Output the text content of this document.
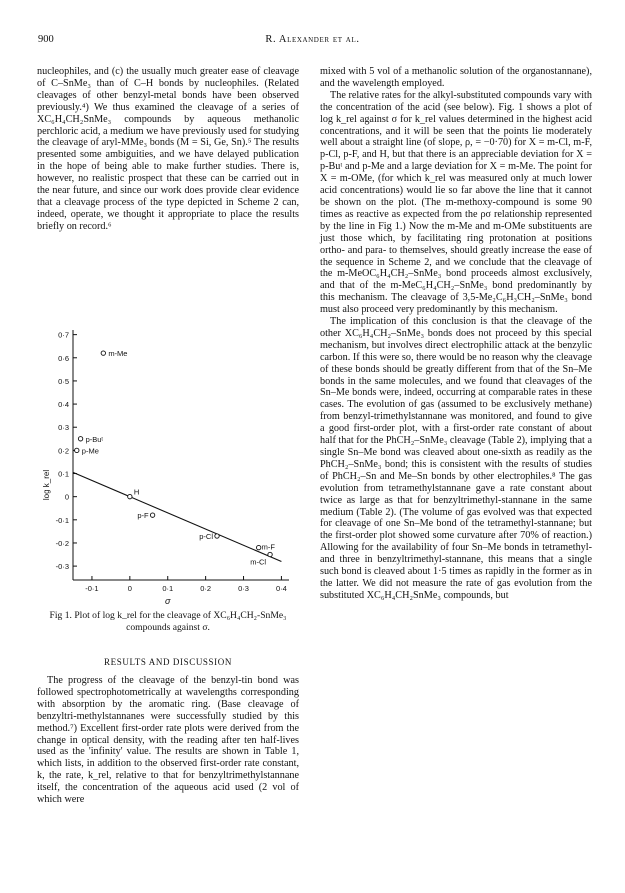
900	R. Alexander et al.

nucleophiles, and (c) the usually much greater ease of cleavage of C–SnMe₃ than of C–H bonds by nucleophiles. (Related cleavages of other benzyl-metal bonds have been observed previously.⁴) We thus examined the cleavage of a series of XC₆H₄CH₂SnMe₃ compounds by aqueous methanolic perchloric acid, a medium we have previously used for studying the cleavage of aryl-MMe₃ bonds (M = Si, Ge, Sn).⁵ The results presented some ambiguities, and we have delayed publication in the hope of being able to make further studies. There is, however, no realistic prospect that these can be carried out in the near future, and since our work does provide clear evidence that a cleavage process of the type depicted in Scheme 2 can, indeed, operate, we thought it appropriate to place the results briefly on record.⁶

0·7
0·6
0·5
0·4
0·3
0·2
0·1
0
-0·1
-0·2
-0·3
-0·1	0	0·1	0·2	0·3	0·4
log k_rel
σ
m-Me
p-Buᵗ
p-Me
H
p-F
p-Cl
m-F
m-Cl
Fig 1. Plot of log k_rel for the cleavage of XC₆H₄CH₂-SnMe₃ compounds against σ.
RESULTS AND DISCUSSION

The progress of the cleavage of the benzyl-tin bond was followed spectrophotometrically at wavelengths corresponding with absorption by the aromatic ring. (Base cleavage of benzyltri-methylstannanes were successfully studied by this method.⁷) Excellent first-order rate plots were derived from the change in optical density, with the reading after ten half-lives used as the 'infinity' value. The results are shown in Table 1, which lists, in addition to the observed first-order rate constant, k, the rate, k_rel, relative to that for benzyltrimethylstannane itself, the concentration of the aqueous acid used (2 vol of which were

mixed with 5 vol of a methanolic solution of the organostannane), and the wavelength employed.

The relative rates for the alkyl-substituted compounds vary with the concentration of the acid (see below). Fig. 1 shows a plot of log k_rel against σ for k_rel values determined in the highest acid concentrations, and it will be seen that the points lie moderately well about a straight line (of slope, ρ, = −0·70) for X = m-Cl, m-F, p-Cl, p-F, and H, but that there is an appreciable deviation for X = p-Buᵗ and p-Me and a large deviation for X = m-Me. The point for X = m-OMe, (for which k_rel was measured only at much lower acid concentrations) would lie so far above the line that it cannot be shown on the plot. (The m-methoxy-compound is some 90 times as reactive as expected from the ρσ relationship represented by the line in Fig 1.) Now the m-Me and m-OMe substituents are just those which, by facilitating ring protonation at positions ortho- and para- to themselves, should greatly increase the ease of the sequence in Scheme 2, and we conclude that the cleavage of the m-MeOC₆H₄CH₂–SnMe₃ bond proceeds almost exclusively, and that of the m-MeC₆H₄CH₂–SnMe₃ bond predominantly by this mechanism. The cleavage of 3,5-Me₂C₆H₃CH₂–SnMe₃ bond must also proceed very predominantly by this mechanism.

The implication of this conclusion is that the cleavage of the other XC₆H₄CH₂–SnMe₃ bonds does not proceed by this special mechanism, but involves direct electrophilic attack at the benzylic carbon. If this were so, there would be no reason why the cleavage of these bonds should be greatly different from that of the Sn–Me bonds in the same molecules, and we found that cleavages of the Sn–Me bonds were, indeed, occurring at comparable rates in these cases. The evolution of gas (assumed to be exclusively methane) from benzyl-trimethylstannane was monitored, and found to give a good first-order plot, with a first-order rate constant of about half that for the PhCH₂–SnMe₃ cleavage (Table 2), implying that a single Sn–Me bond was cleaved about one-sixth as readily as the PhCH₂–SnMe₃ bond; this is consistent with the results of studies of PhCH₂–Sn and Me–Sn bonds by other electrophiles.⁸ The gas evolution from tetramethylstannane gave a rate constant about twice as large as that for benzyltrimethyl-stannane in the same medium (Table 2). (The volume of gas evolved was that expected for cleavage of one Sn–Me bond of the tetramethyl-stannane; but the first-order plot showed some curvature after 70% of reaction.) Allowing for the availability of four Sn–Me bonds in tetramethyl-and three in benzyltrimethyl-stannane, this means that a single such bond is cleaved about 1·5 times as rapidly in the former as in the latter. We did not measure the rate of gas evolution from the substituted XC₆H₄CH₂SnMe₃ compounds, but
